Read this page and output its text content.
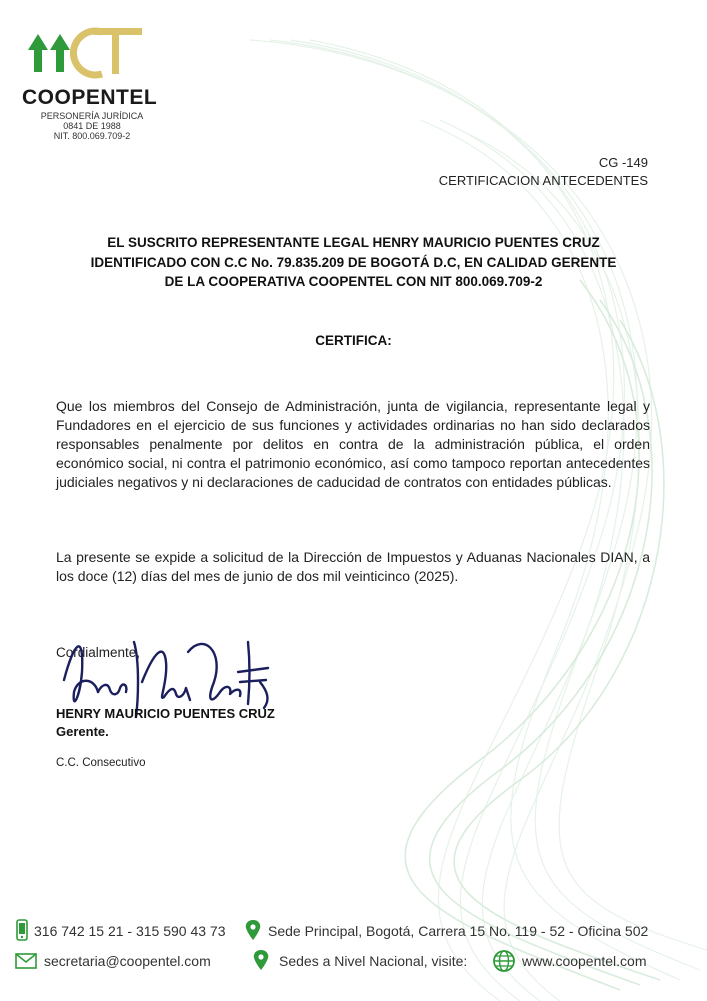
COOPENTEL
PERSONERÍA JURÍDICA
0841 DE 1988
NIT. 800.069.709-2
CG -149
CERTIFICACION ANTECEDENTES
EL SUSCRITO REPRESENTANTE LEGAL HENRY MAURICIO PUENTES CRUZ
IDENTIFICADO CON C.C No. 79.835.209 DE BOGOTÁ D.C, EN CALIDAD GERENTE
DE LA COOPERATIVA COOPENTEL CON NIT 800.069.709-2
CERTIFICA:
Que los miembros del Consejo de Administración, junta de vigilancia, representante legal y Fundadores en el ejercicio de sus funciones y actividades ordinarias no han sido declarados responsables penalmente por delitos en contra de la administración pública, el orden económico social, ni contra el patrimonio económico, así como tampoco reportan antecedentes judiciales negativos y ni declaraciones de caducidad de contratos con entidades públicas.
La presente se expide a solicitud de la Dirección de Impuestos y Aduanas Nacionales DIAN, a los doce (12) días del mes de junio de dos mil veinticinco (2025).
Cordialmente,
HENRY MAURICIO PUENTES CRUZ
Gerente.
C.C. Consecutivo
316 742 15 21 - 315 590 43 73	Sede Principal, Bogotá, Carrera 15 No. 119 - 52 - Oficina 502
secretaria@coopentel.com	Sedes a Nivel Nacional, visite:	www.coopentel.com
